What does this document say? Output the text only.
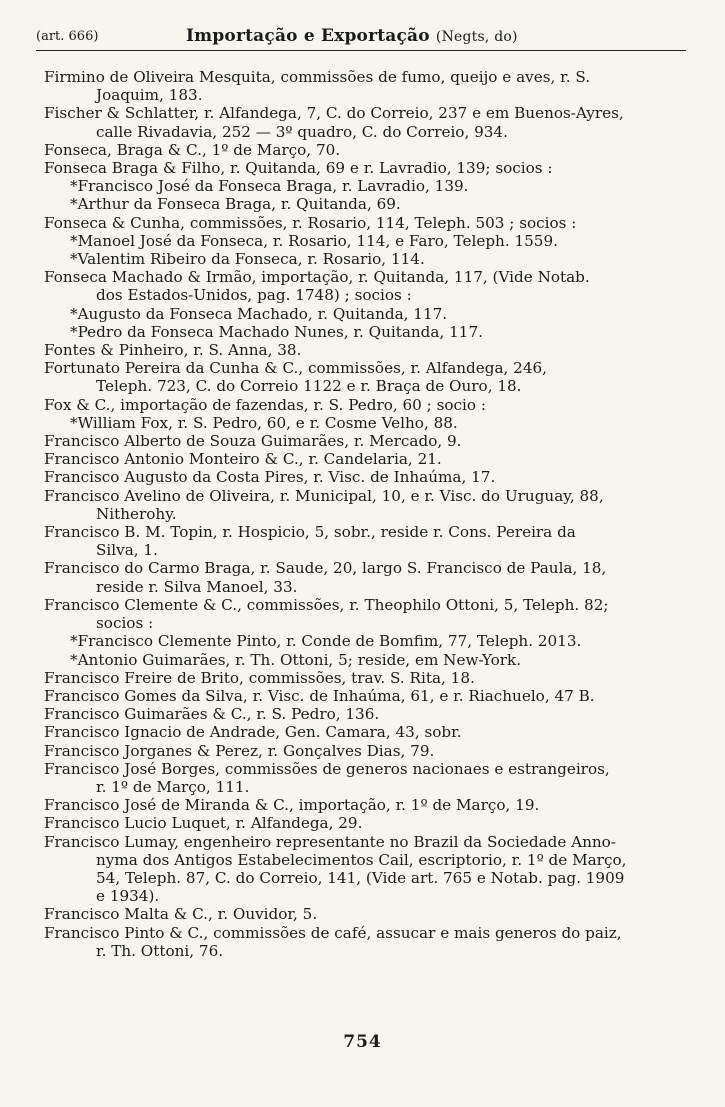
(art. 666)	Importação e Exportação (Negts, do)
Firmino de Oliveira Mesquita, commissões de fumo, queijo e aves, r. S.
Joaquim, 183.
Fischer & Schlatter, r. Alfandega, 7, C. do Correio, 237 e em Buenos-Ayres,
calle Rivadavia, 252 — 3º quadro, C. do Correio, 934.
Fonseca, Braga & C., 1º de Março, 70.
Fonseca Braga & Filho, r. Quitanda, 69 e r. Lavradio, 139; socios :
*Francisco José da Fonseca Braga, r. Lavradio, 139.
*Arthur da Fonseca Braga, r. Quitanda, 69.
Fonseca & Cunha, commissões, r. Rosario, 114, Teleph. 503 ; socios :
*Manoel José da Fonseca, r. Rosario, 114, e Faro, Teleph. 1559.
*Valentim Ribeiro da Fonseca, r. Rosario, 114.
Fonseca Machado & Irmão, importação, r. Quitanda, 117, (Vide Notab.
dos Estados-Unidos, pag. 1748) ; socios :
*Augusto da Fonseca Machado, r. Quitanda, 117.
*Pedro da Fonseca Machado Nunes, r. Quitanda, 117.
Fontes & Pinheiro, r. S. Anna, 38.
Fortunato Pereira da Cunha & C., commissões, r. Alfandega, 246,
Teleph. 723, C. do Correio 1122 e r. Braça de Ouro, 18.
Fox & C., importação de fazendas, r. S. Pedro, 60 ; socio :
*William Fox, r. S. Pedro, 60, e r. Cosme Velho, 88.
Francisco Alberto de Souza Guimarães, r. Mercado, 9.
Francisco Antonio Monteiro & C., r. Candelaria, 21.
Francisco Augusto da Costa Pires, r. Visc. de Inhaúma, 17.
Francisco Avelino de Oliveira, r. Municipal, 10, e r. Visc. do Uruguay, 88,
Nitherohy.
Francisco B. M. Topin, r. Hospicio, 5, sobr., reside r. Cons. Pereira da
Silva, 1.
Francisco do Carmo Braga, r. Saude, 20, largo S. Francisco de Paula, 18,
reside r. Silva Manoel, 33.
Francisco Clemente & C., commissões, r. Theophilo Ottoni, 5, Teleph. 82;
socios :
*Francisco Clemente Pinto, r. Conde de Bomfim, 77, Teleph. 2013.
*Antonio Guimarães, r. Th. Ottoni, 5; reside, em New-York.
Francisco Freire de Brito, commissões, trav. S. Rita, 18.
Francisco Gomes da Silva, r. Visc. de Inhaúma, 61, e r. Riachuelo, 47 B.
Francisco Guimarães & C., r. S. Pedro, 136.
Francisco Ignacio de Andrade, Gen. Camara, 43, sobr.
Francisco Jorganes & Perez, r. Gonçalves Dias, 79.
Francisco José Borges, commissões de generos nacionaes e estrangeiros,
r. 1º de Março, 111.
Francisco José de Miranda & C., importação, r. 1º de Março, 19.
Francisco Lucio Luquet, r. Alfandega, 29.
Francisco Lumay, engenheiro representante no Brazil da Sociedade Anno-
nyma dos Antigos Estabelecimentos Cail, escriptorio, r. 1º de Março,
54, Teleph. 87, C. do Correio, 141, (Vide art. 765 e Notab. pag. 1909
e 1934).
Francisco Malta & C., r. Ouvidor, 5.
Francisco Pinto & C., commissões de café, assucar e mais generos do paiz,
r. Th. Ottoni, 76.
754
